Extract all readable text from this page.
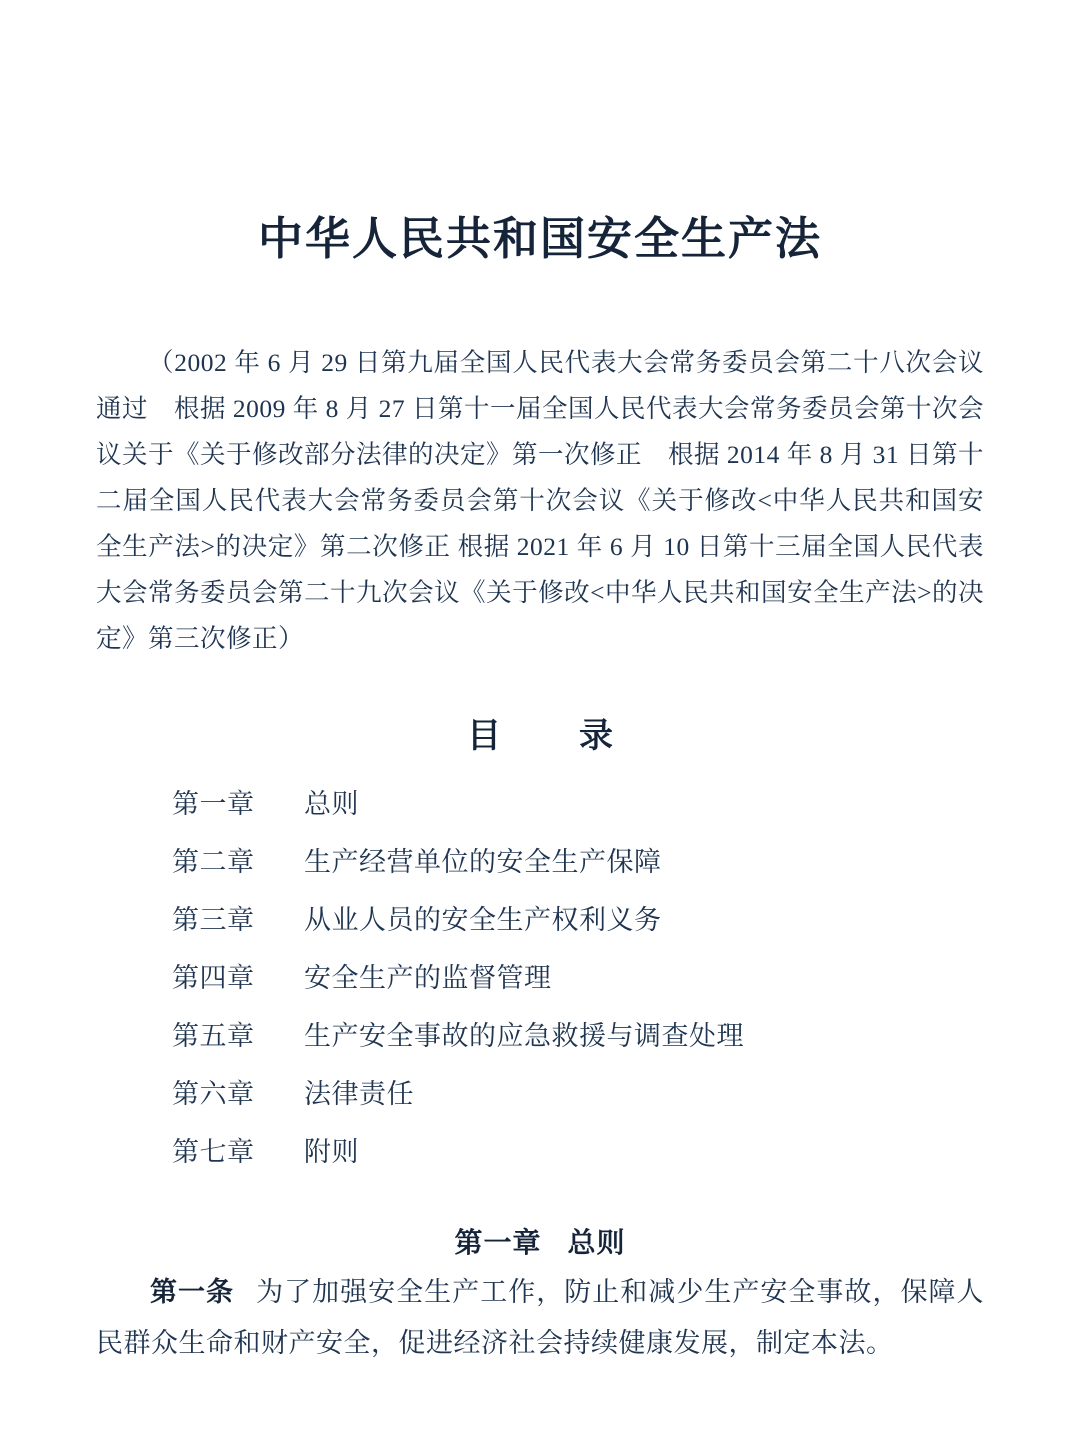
中华人民共和国安全生产法

（2002 年 6 月 29 日第九届全国人民代表大会常务委员会第二十八次会议通过　根据 2009 年 8 月 27 日第十一届全国人民代表大会常务委员会第十次会议关于《关于修改部分法律的决定》第一次修正　根据 2014 年 8 月 31 日第十二届全国人民代表大会常务委员会第十次会议《关于修改<中华人民共和国安全生产法>的决定》第二次修正 根据 2021 年 6 月 10 日第十三届全国人民代表大会常务委员会第二十九次会议《关于修改<中华人民共和国安全生产法>的决定》第三次修正）

目　录
第一章	总则
第二章	生产经营单位的安全生产保障
第三章	从业人员的安全生产权利义务
第四章	安全生产的监督管理
第五章	生产安全事故的应急救援与调查处理
第六章	法律责任
第七章	附则
第一章 总则

第一条 为了加强安全生产工作，防止和减少生产安全事故，保障人民群众生命和财产安全，促进经济社会持续健康发展，制定本法。
